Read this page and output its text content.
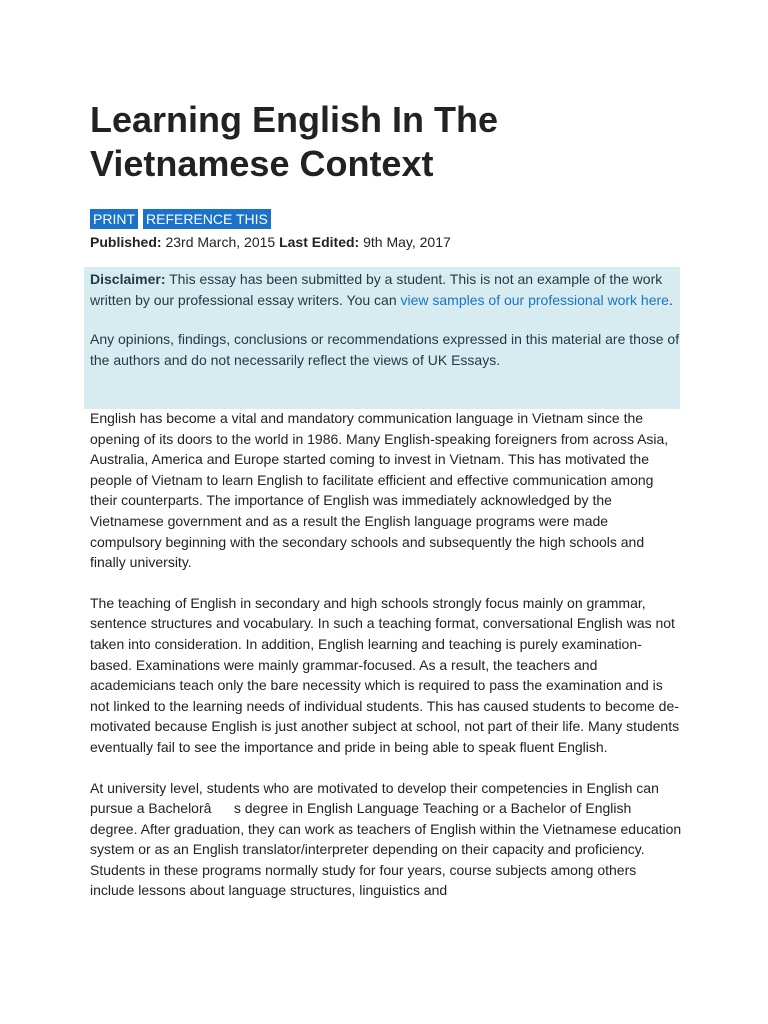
Learning English In The Vietnamese Context
PRINT REFERENCE THIS
Published: 23rd March, 2015 Last Edited: 9th May, 2017

Disclaimer: This essay has been submitted by a student. This is not an example of the work written by our professional essay writers. You can view samples of our professional work here.

Any opinions, findings, conclusions or recommendations expressed in this material are those of the authors and do not necessarily reflect the views of UK Essays.

English has become a vital and mandatory communication language in Vietnam since the opening of its doors to the world in 1986. Many English-speaking foreigners from across Asia, Australia, America and Europe started coming to invest in Vietnam. This has motivated the people of Vietnam to learn English to facilitate efficient and effective communication among their counterparts. The importance of English was immediately acknowledged by the Vietnamese government and as a result the English language programs were made compulsory beginning with the secondary schools and subsequently the high schools and finally university.

The teaching of English in secondary and high schools strongly focus mainly on grammar, sentence structures and vocabulary. In such a teaching format, conversational English was not taken into consideration. In addition, English learning and teaching is purely examination-based. Examinations were mainly grammar-focused. As a result, the teachers and academicians teach only the bare necessity which is required to pass the examination and is not linked to the learning needs of individual students. This has caused students to become de-motivated because English is just another subject at school, not part of their life. Many students eventually fail to see the importance and pride in being able to speak fluent English.

At university level, students who are motivated to develop their competencies in English can pursue a Bachelorâs degree in English Language Teaching or a Bachelor of English degree. After graduation, they can work as teachers of English within the Vietnamese education system or as an English translator/interpreter depending on their capacity and proficiency. Students in these programs normally study for four years, course subjects among others include lessons about language structures, linguistics and
